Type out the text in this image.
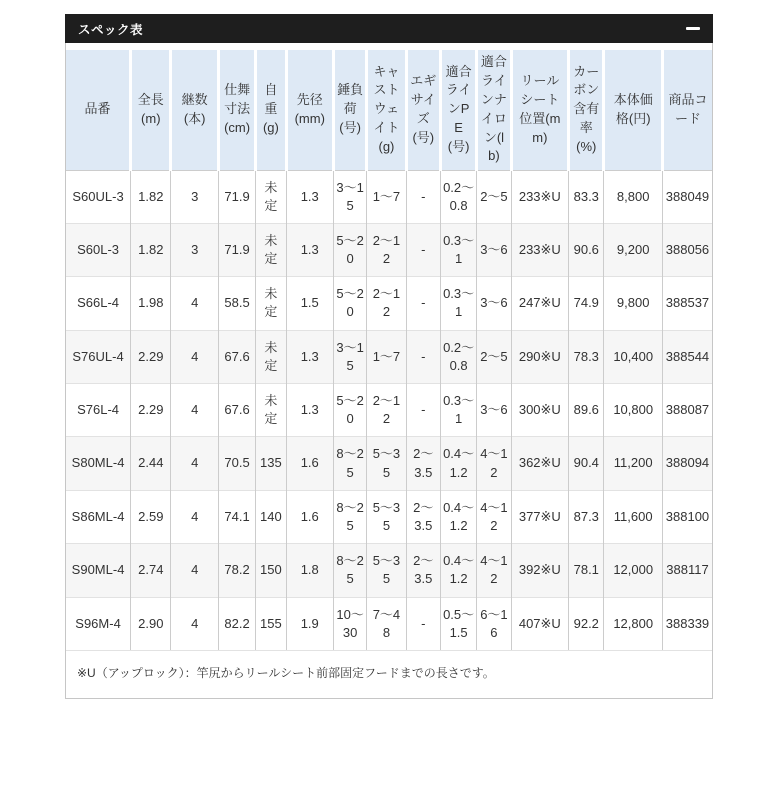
スペック表
品番	全長(m)	継数(本)	仕舞寸法(cm)	自重(g)	先径(mm)	錘負荷(号)	キャストウェイト(g)	エギサイズ(号)	適合ラインPE(号)	適合ラインナイロン(lb)	リールシート位置(mm)	カーボン含有率(%)	本体価格(円)	商品コード
S60UL-3	1.82	3	71.9	未定	1.3	3～15	1～7	-	0.2～0.8	2～5	233※U	83.3	8,800	388049
S60L-3	1.82	3	71.9	未定	1.3	5～20	2～12	-	0.3～1	3～6	233※U	90.6	9,200	388056
S66L-4	1.98	4	58.5	未定	1.5	5～20	2～12	-	0.3～1	3～6	247※U	74.9	9,800	388537
S76UL-4	2.29	4	67.6	未定	1.3	3～15	1～7	-	0.2～0.8	2～5	290※U	78.3	10,400	388544
S76L-4	2.29	4	67.6	未定	1.3	5～20	2～12	-	0.3～1	3～6	300※U	89.6	10,800	388087
S80ML-4	2.44	4	70.5	135	1.6	8～25	5～35	2～3.5	0.4～1.2	4～12	362※U	90.4	11,200	388094
S86ML-4	2.59	4	74.1	140	1.6	8～25	5～35	2～3.5	0.4～1.2	4～12	377※U	87.3	11,600	388100
S90ML-4	2.74	4	78.2	150	1.8	8～25	5～35	2～3.5	0.4～1.2	4～12	392※U	78.1	12,000	388117
S96M-4	2.90	4	82.2	155	1.9	10～30	7～48	-	0.5～1.5	6～16	407※U	92.2	12,800	388339
※U（アップロック）：竿尻からリールシート前部固定フードまでの長さです。
